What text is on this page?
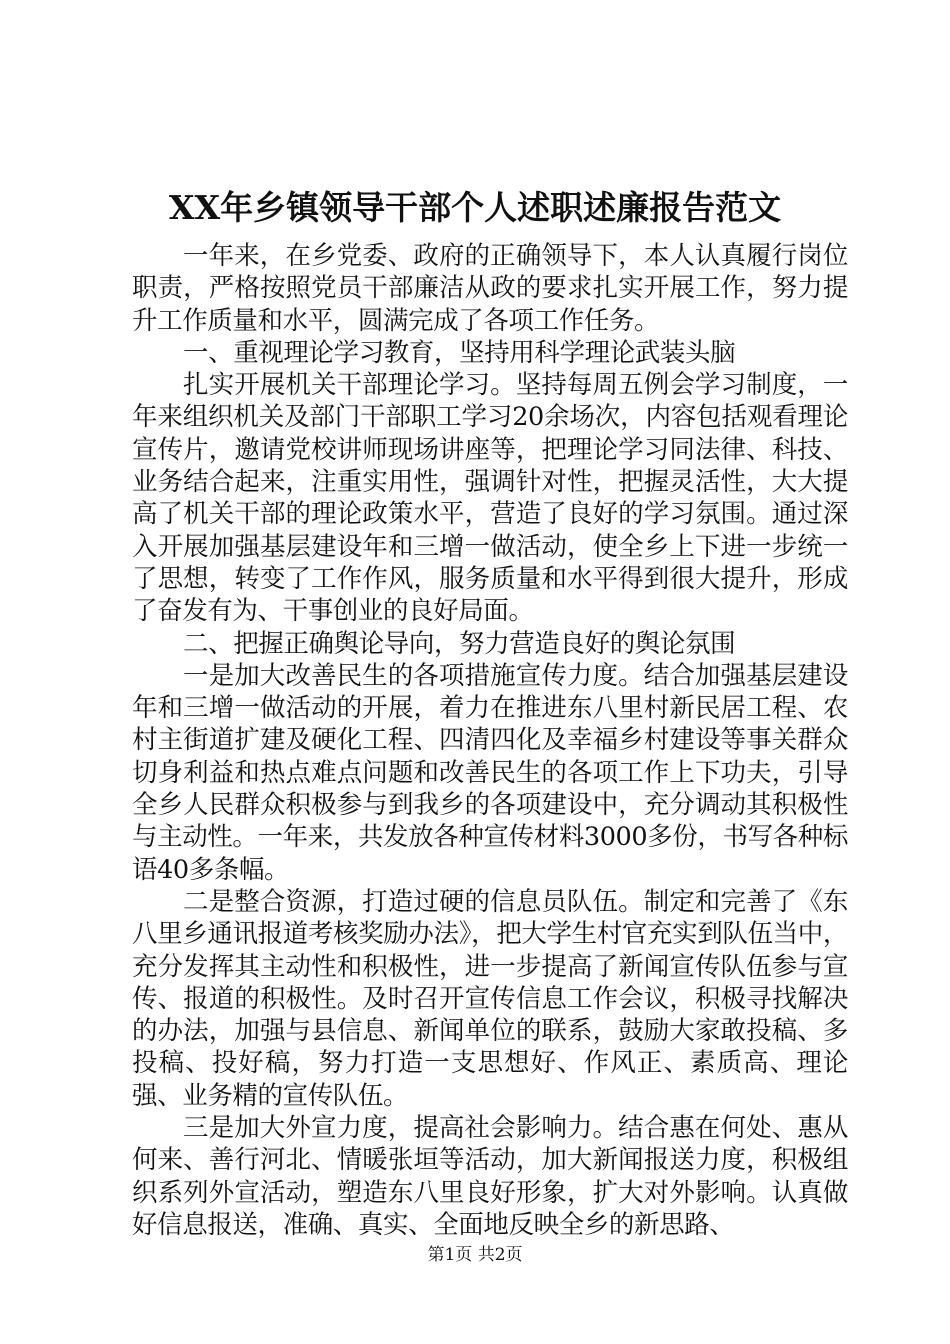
XX年乡镇领导干部个人述职述廉报告范文

一年来，在乡党委、政府的正确领导下，本人认真履行岗位职责，严格按照党员干部廉洁从政的要求扎实开展工作，努力提升工作质量和水平，圆满完成了各项工作任务。

一、重视理论学习教育，坚持用科学理论武装头脑

扎实开展机关干部理论学习。坚持每周五例会学习制度，一年来组织机关及部门干部职工学习20余场次，内容包括观看理论宣传片，邀请党校讲师现场讲座等，把理论学习同法律、科技、业务结合起来，注重实用性，强调针对性，把握灵活性，大大提高了机关干部的理论政策水平，营造了良好的学习氛围。通过深入开展加强基层建设年和三增一做活动，使全乡上下进一步统一了思想，转变了工作作风，服务质量和水平得到很大提升，形成了奋发有为、干事创业的良好局面。

二、把握正确舆论导向，努力营造良好的舆论氛围

一是加大改善民生的各项措施宣传力度。结合加强基层建设年和三增一做活动的开展，着力在推进东八里村新民居工程、农村主街道扩建及硬化工程、四清四化及幸福乡村建设等事关群众切身利益和热点难点问题和改善民生的各项工作上下功夫，引导全乡人民群众积极参与到我乡的各项建设中，充分调动其积极性与主动性。一年来，共发放各种宣传材料3000多份，书写各种标语40多条幅。

二是整合资源，打造过硬的信息员队伍。制定和完善了《东八里乡通讯报道考核奖励办法》，把大学生村官充实到队伍当中，充分发挥其主动性和积极性，进一步提高了新闻宣传队伍参与宣传、报道的积极性。及时召开宣传信息工作会议，积极寻找解决的办法，加强与县信息、新闻单位的联系，鼓励大家敢投稿、多投稿、投好稿，努力打造一支思想好、作风正、素质高、理论强、业务精的宣传队伍。

三是加大外宣力度，提高社会影响力。结合惠在何处、惠从何来、善行河北、情暖张垣等活动，加大新闻报送力度，积极组织系列外宣活动，塑造东八里良好形象，扩大对外影响。认真做好信息报送，准确、真实、全面地反映全乡的新思路、

第1页 共2页
